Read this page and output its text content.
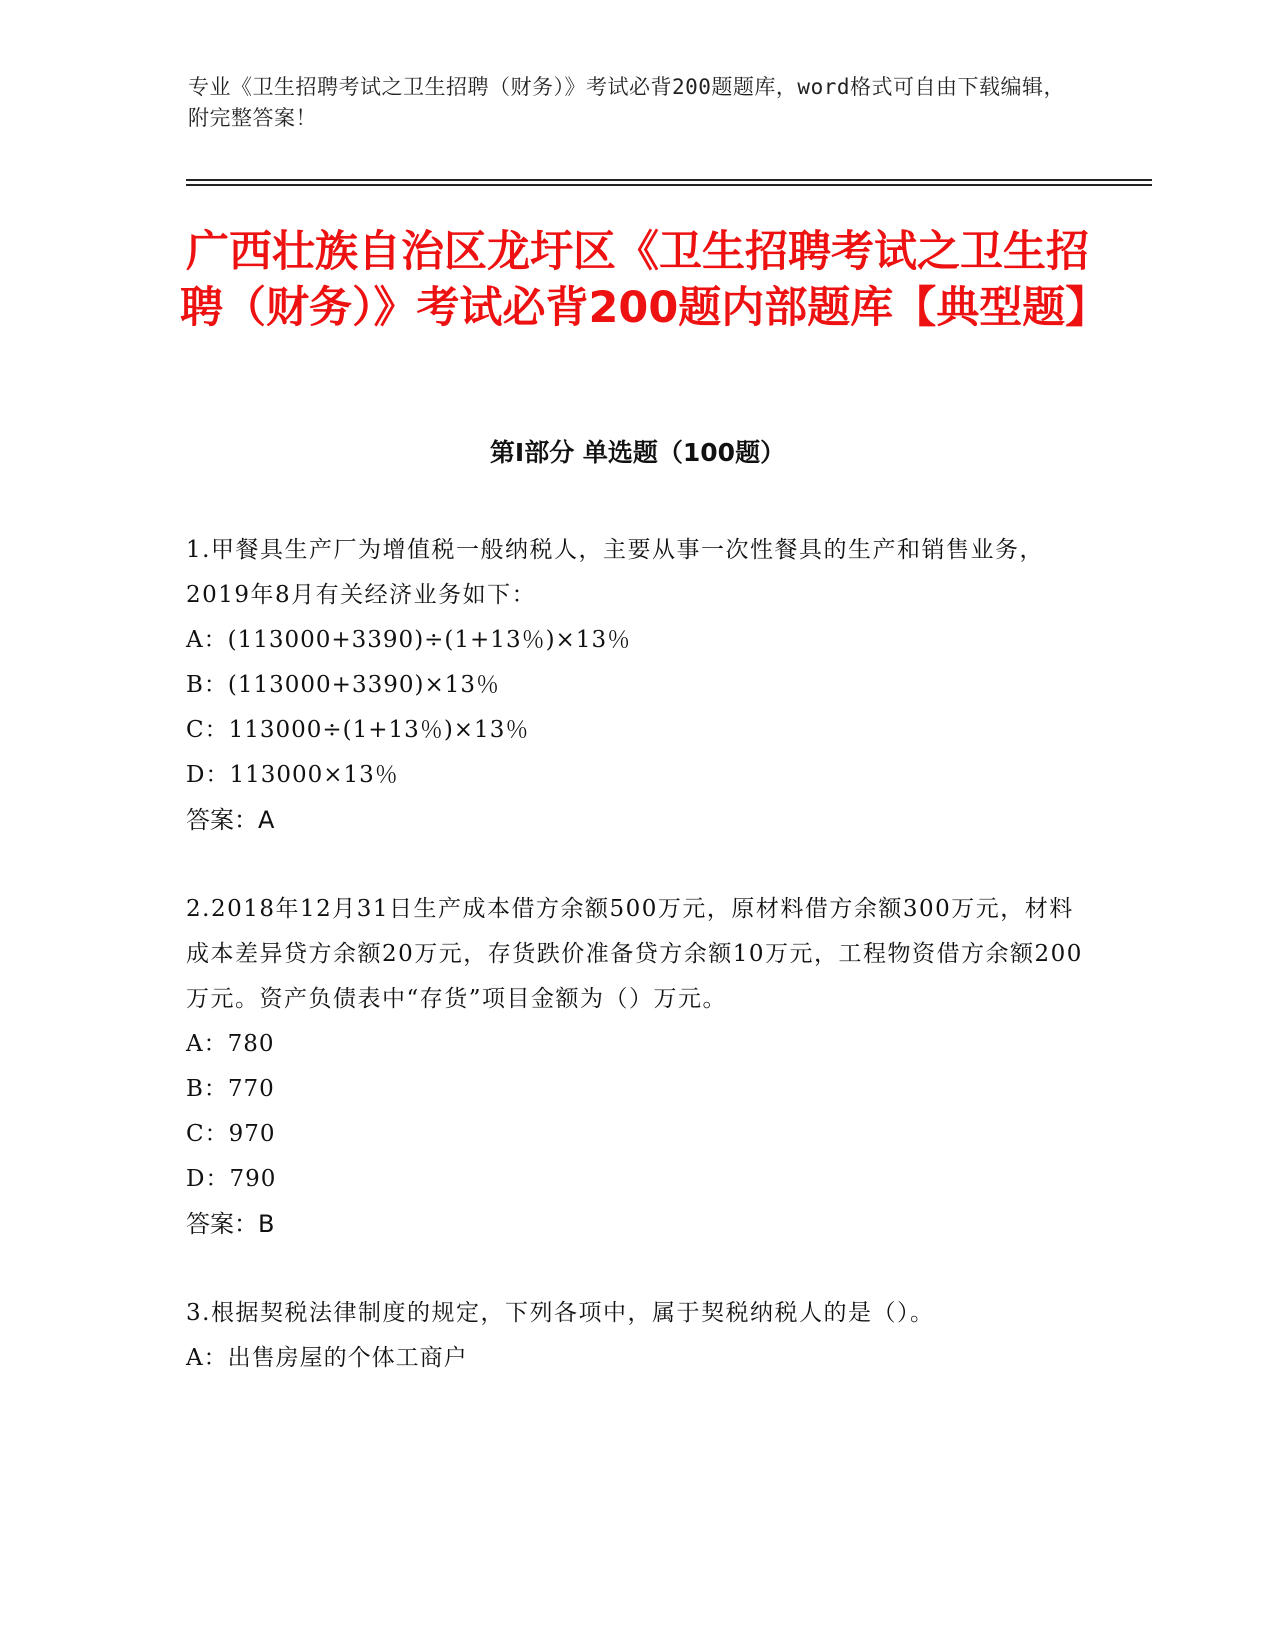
专业《卫生招聘考试之卫生招聘（财务）》考试必背200题题库，word格式可自由下载编辑，附完整答案！
广西壮族自治区龙圩区《卫生招聘考试之卫生招聘（财务）》考试必背200题内部题库【典型题】
第Ⅰ部分 单选题（100题）
1.甲餐具生产厂为增值税一般纳税人，主要从事一次性餐具的生产和销售业务，2019年8月有关经济业务如下：
A：(113000+3390)÷(1+13％)×13％
B：(113000+3390)×13％
C：113000÷(1+13％)×13％
D：113000×13％
答案：A
2.2018年12月31日生产成本借方余额500万元，原材料借方余额300万元，材料成本差异贷方余额20万元，存货跌价准备贷方余额10万元，工程物资借方余额200万元。资产负债表中“存货”项目金额为（）万元。
A：780
B：770
C：970
D：790
答案：B
3.根据契税法律制度的规定，下列各项中，属于契税纳税人的是（）。
A：出售房屋的个体工商户
